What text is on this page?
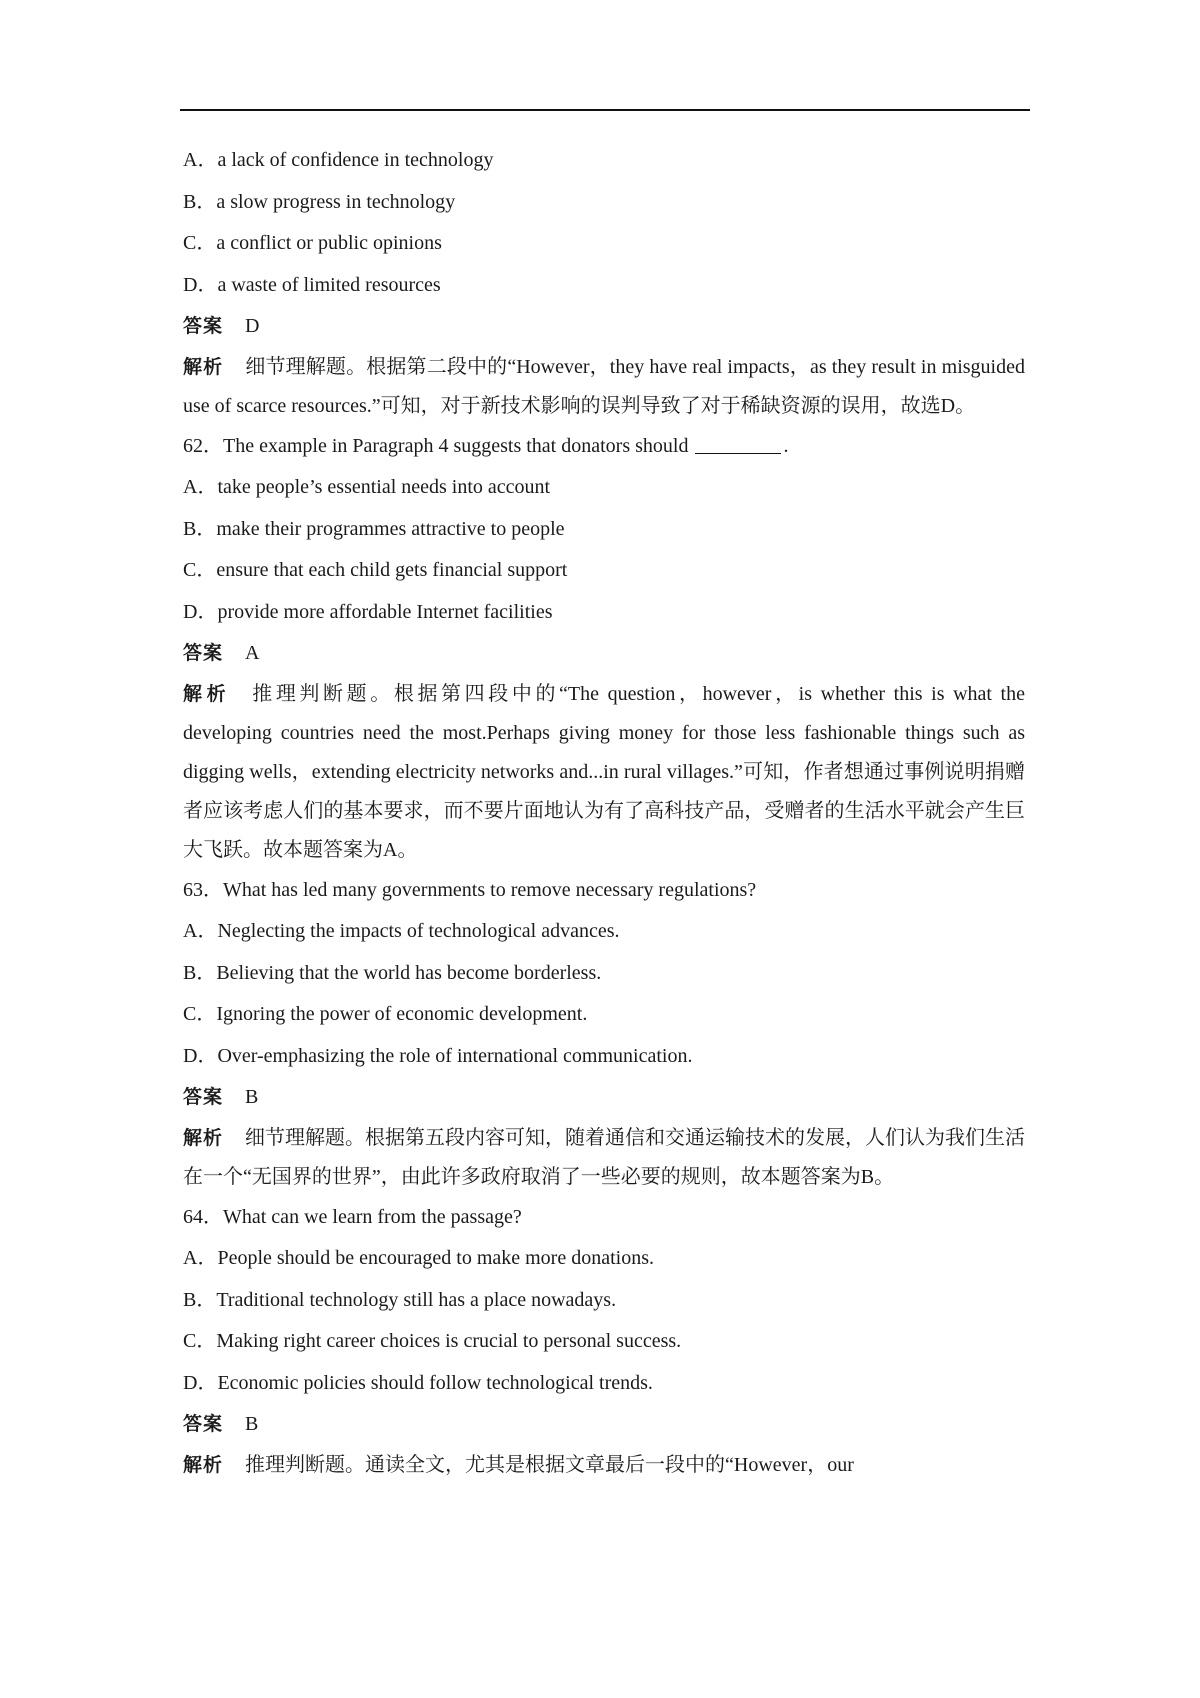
A．a lack of confidence in technology
B．a slow progress in technology
C．a conflict or public opinions
D．a waste of limited resources
答案 D
解析 细节理解题。根据第二段中的“However，they have real impacts，as they result in misguided use of scarce resources.”可知，对于新技术影响的误判导致了对于稀缺资源的误用，故选D。
62．The example in Paragraph 4 suggests that donators should	.
A．take people’s essential needs into account
B．make their programmes attractive to people
C．ensure that each child gets financial support
D．provide more affordable Internet facilities
答案 A
解析 推理判断题。根据第四段中的“The question，however，is whether this is what the developing countries need the most.Perhaps giving money for those less fashionable things such as digging wells，extending electricity networks and...in rural villages.”可知，作者想通过事例说明捐赠者应该考虑人们的基本要求，而不要片面地认为有了高科技产品，受赠者的生活水平就会产生巨大飞跃。故本题答案为A。
63．What has led many governments to remove necessary regulations?
A．Neglecting the impacts of technological advances.
B．Believing that the world has become borderless.
C．Ignoring the power of economic development.
D．Over-emphasizing the role of international communication.
答案 B
解析 细节理解题。根据第五段内容可知，随着通信和交通运输技术的发展，人们认为我们生活在一个“无国界的世界”，由此许多政府取消了一些必要的规则，故本题答案为B。
64．What can we learn from the passage?
A．People should be encouraged to make more donations.
B．Traditional technology still has a place nowadays.
C．Making right career choices is crucial to personal success.
D．Economic policies should follow technological trends.
答案 B
解析 推理判断题。通读全文，尤其是根据文章最后一段中的“However，our
